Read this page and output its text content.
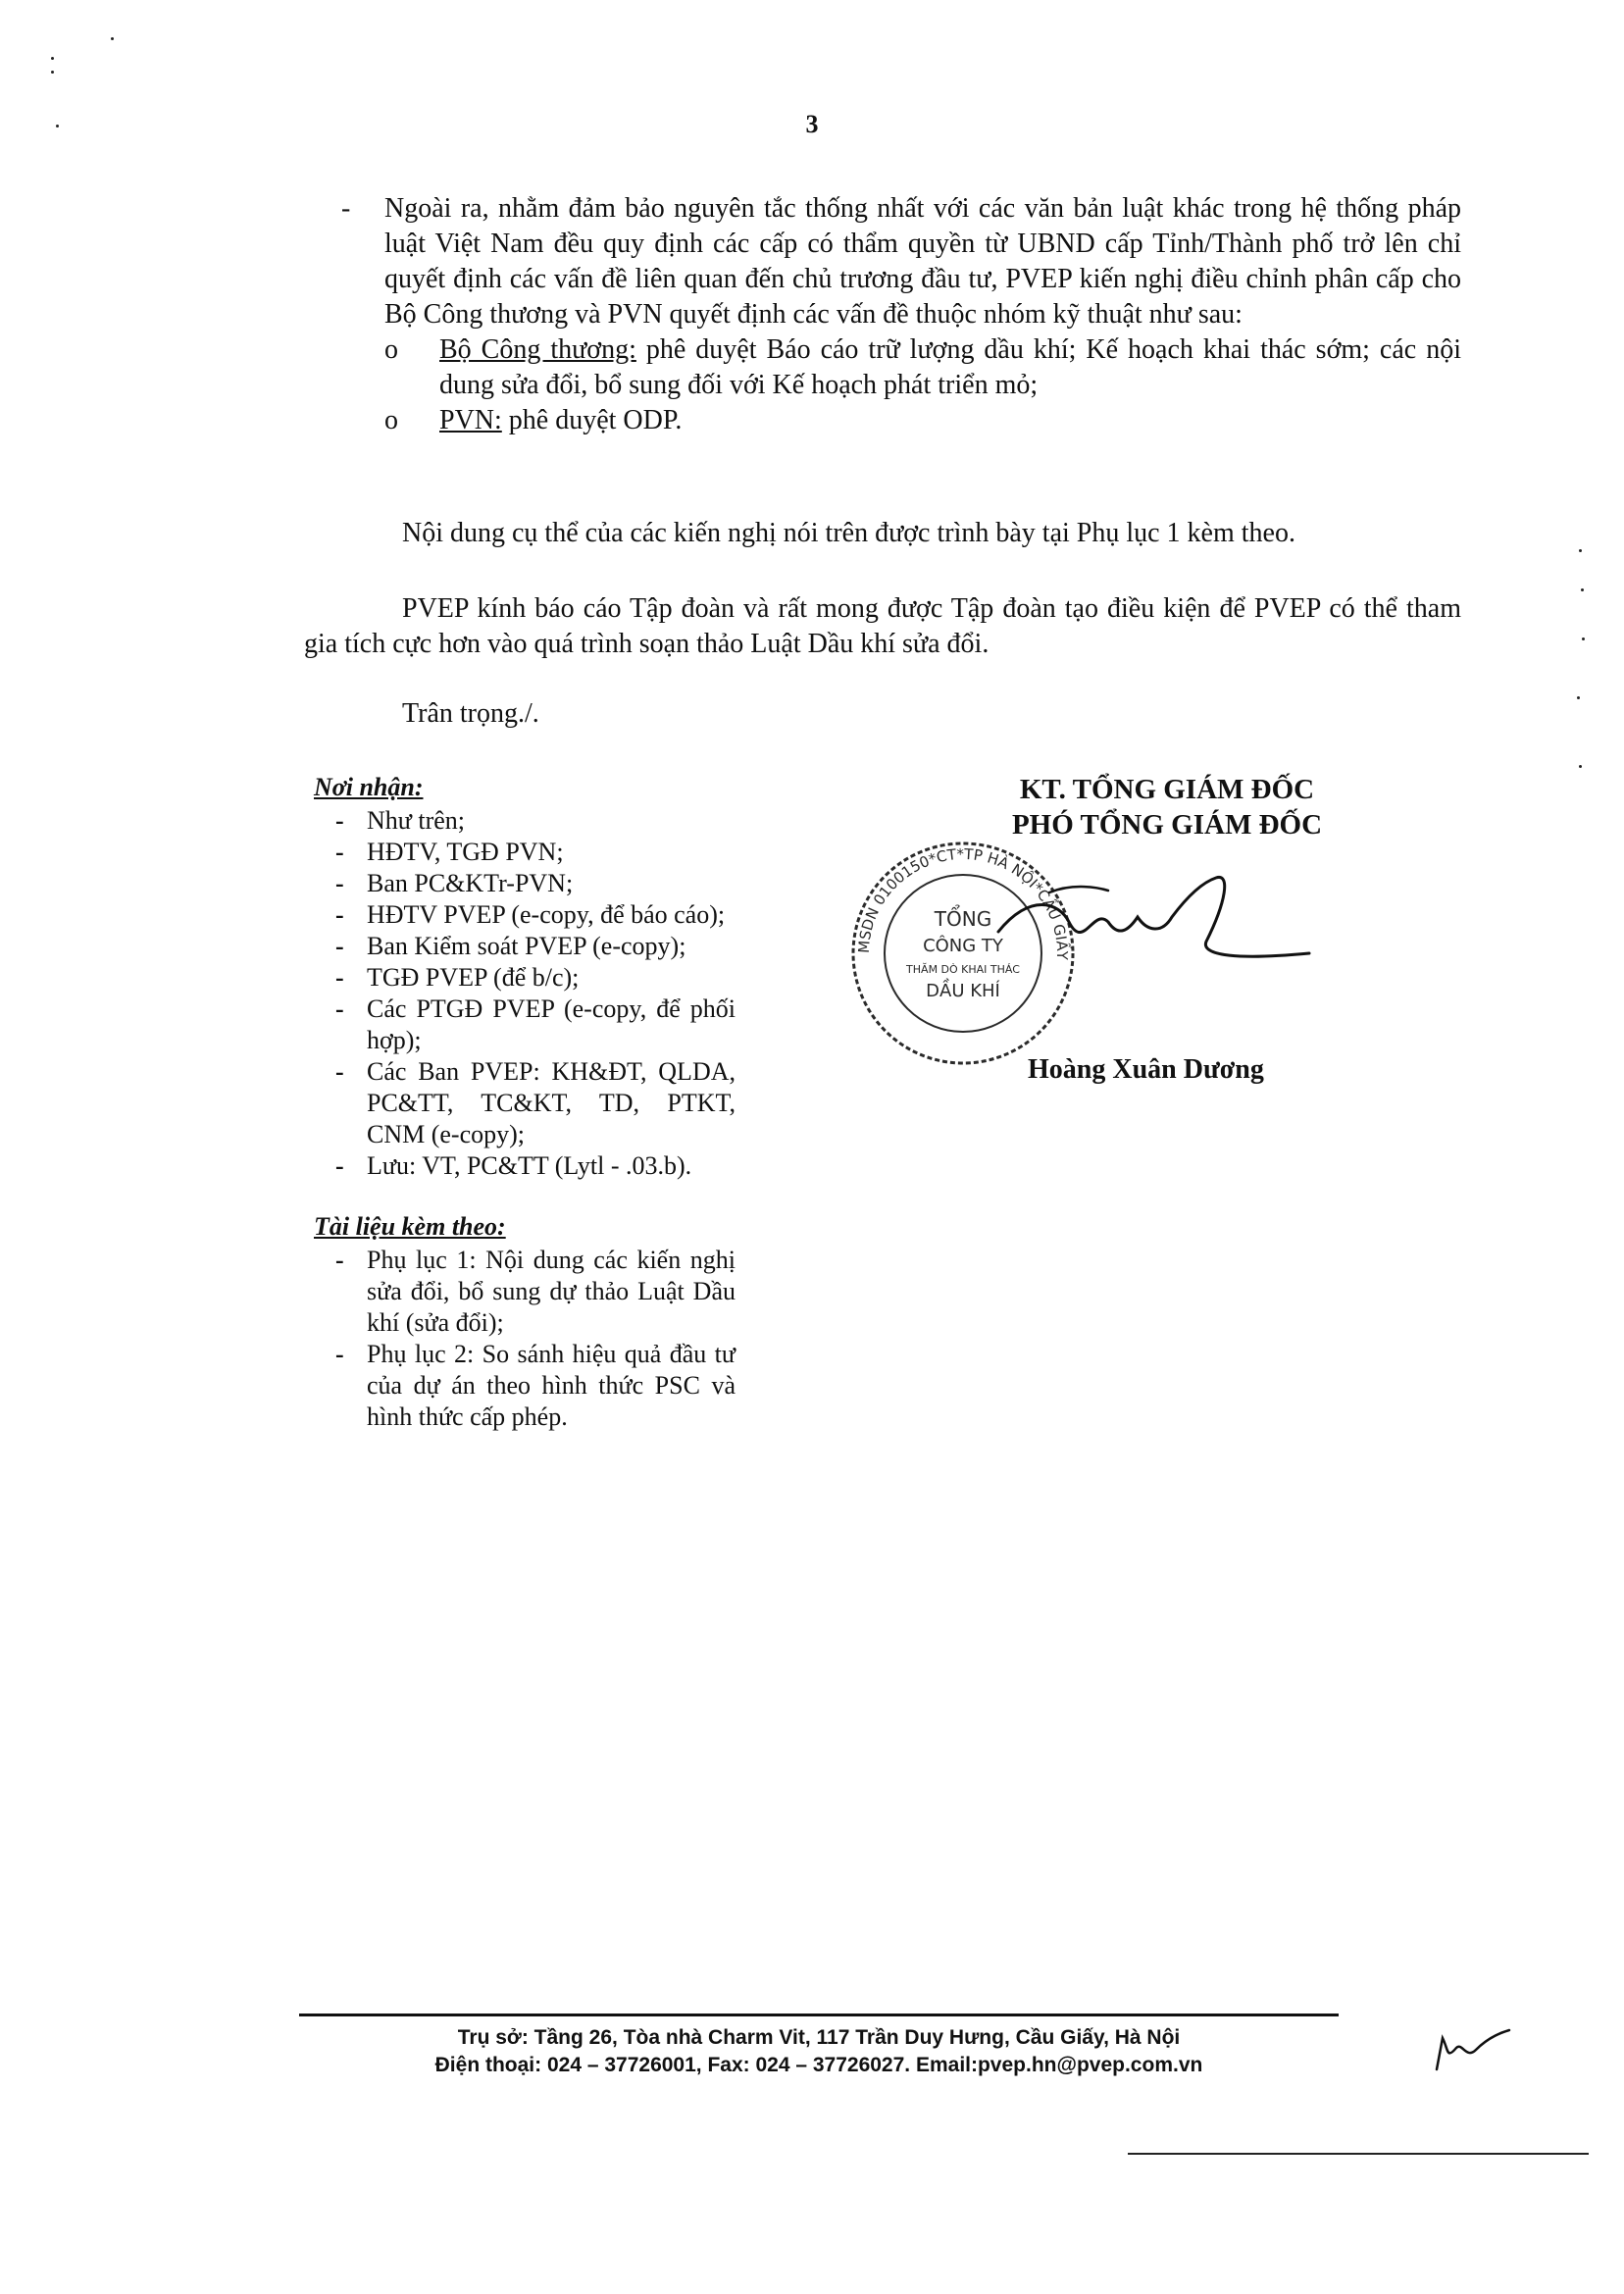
3
- Ngoài ra, nhằm đảm bảo nguyên tắc thống nhất với các văn bản luật khác trong hệ thống pháp luật Việt Nam đều quy định các cấp có thẩm quyền từ UBND cấp Tỉnh/Thành phố trở lên chỉ quyết định các vấn đề liên quan đến chủ trương đầu tư, PVEP kiến nghị điều chỉnh phân cấp cho Bộ Công thương và PVN quyết định các vấn đề thuộc nhóm kỹ thuật như sau:
o Bộ Công thương: phê duyệt Báo cáo trữ lượng dầu khí; Kế hoạch khai thác sớm; các nội dung sửa đổi, bổ sung đối với Kế hoạch phát triển mỏ;
o PVN: phê duyệt ODP.
Nội dung cụ thể của các kiến nghị nói trên được trình bày tại Phụ lục 1 kèm theo.
PVEP kính báo cáo Tập đoàn và rất mong được Tập đoàn tạo điều kiện để PVEP có thể tham gia tích cực hơn vào quá trình soạn thảo Luật Dầu khí sửa đổi.
Trân trọng./.
Nơi nhận:
- Như trên;
- HĐTV, TGĐ PVN;
- Ban PC&KTr-PVN;
- HĐTV PVEP (e-copy, để báo cáo);
- Ban Kiểm soát PVEP (e-copy);
- TGĐ PVEP (để b/c);
- Các PTGĐ PVEP (e-copy, để phối hợp);
- Các Ban PVEP: KH&ĐT, QLDA, PC&TT, TC&KT, TD, PTKT, CNM (e-copy);
- Lưu: VT, PC&TT (Lytl - .03.b).
Tài liệu kèm theo:
- Phụ lục 1: Nội dung các kiến nghị sửa đổi, bổ sung dự thảo Luật Dầu khí (sửa đổi);
- Phụ lục 2: So sánh hiệu quả đầu tư của dự án theo hình thức PSC và hình thức cấp phép.
KT. TỔNG GIÁM ĐỐC
PHÓ TỔNG GIÁM ĐỐC
MSDN 0100150*CT*TP HÀ NỘI*CẦU GIẤY
TỔNG
CÔNG TY
THĂM DÒ KHAI THÁC
DẦU KHÍ
Hoàng Xuân Dương
Trụ sở: Tầng 26, Tòa nhà Charm Vit, 117 Trần Duy Hưng, Cầu Giấy, Hà Nội
Điện thoại: 024 – 37726001, Fax: 024 – 37726027. Email:pvep.hn@pvep.com.vn
